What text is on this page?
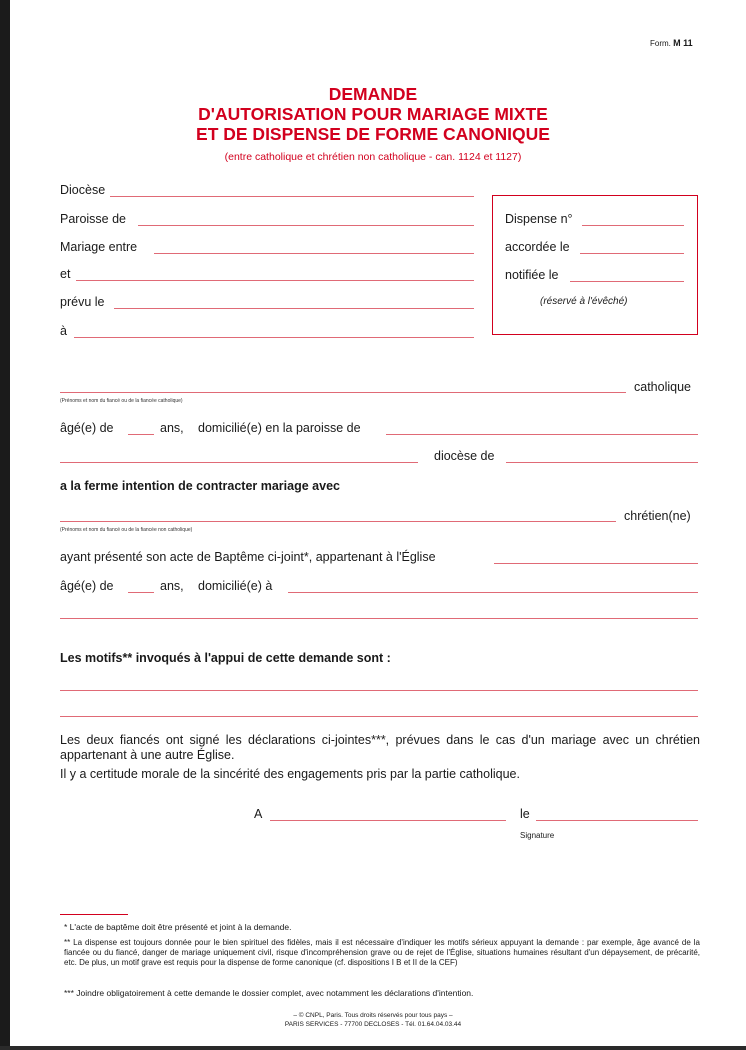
Form. M 11
DEMANDE
D'AUTORISATION POUR MARIAGE MIXTE
ET DE DISPENSE DE FORME CANONIQUE
(entre catholique et chrétien non catholique - can. 1124 et 1127)
Diocèse
Paroisse de
Mariage entre
et
prévu le
à
Dispense n°
accordée le
notifiée le
(réservé à l'évêché)
catholique
(Prénoms et nom du fiancé ou de la fiancée catholique)
âgé(e) de	ans, domicilié(e) en la paroisse de
diocèse de
a la ferme intention de contracter mariage avec
chrétien(ne)
(Prénoms et nom du fiancé ou de la fiancée non catholique)
ayant présenté son acte de Baptême ci-joint*, appartenant à l'Église
âgé(e) de	ans, domicilié(e) à
Les motifs** invoqués à l'appui de cette demande sont :
Les deux fiancés ont signé les déclarations ci-jointes***, prévues dans le cas d'un mariage avec un chrétien appartenant à une autre Église.
Il y a certitude morale de la sincérité des engagements pris par la partie catholique.
A	le
Signature
* L'acte de baptême doit être présenté et joint à la demande.
** La dispense est toujours donnée pour le bien spirituel des fidèles, mais il est nécessaire d'indiquer les motifs sérieux appuyant la demande : par exemple, âge avancé de la fiancée ou du fiancé, danger de mariage uniquement civil, risque d'incompréhension grave ou de rejet de l'Église, situations humaines résultant d'un dépaysement, de précarité, etc. De plus, un motif grave est requis pour la dispense de forme canonique (cf. dispositions I B et II de la CEF)
*** Joindre obligatoirement à cette demande le dossier complet, avec notamment les déclarations d'intention.
– © CNPL, Paris. Tous droits réservés pour tous pays –
PARIS SERVICES - 77700 DECLOSES - Tél. 01.64.04.03.44
